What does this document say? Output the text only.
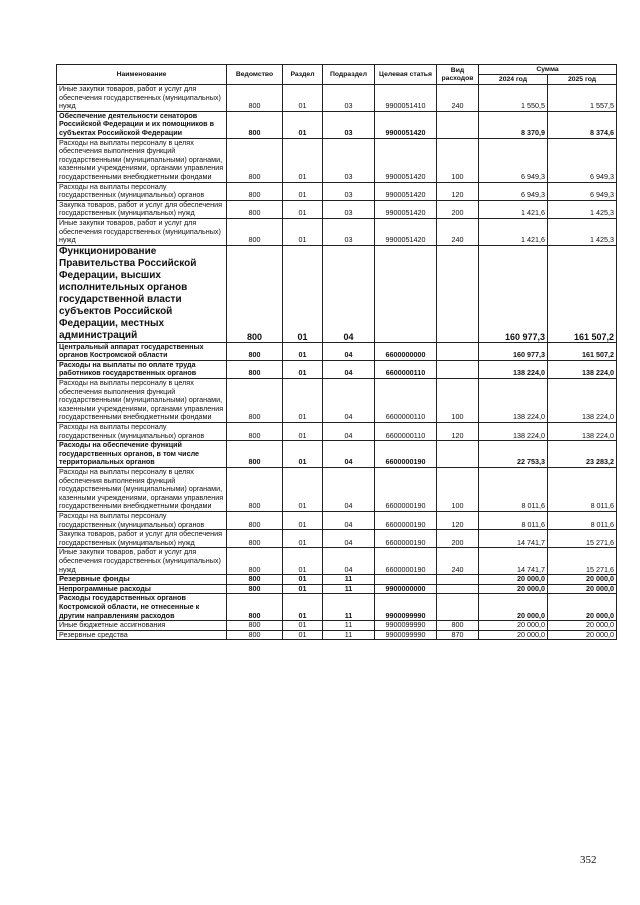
Наименование	Ведомство	Раздел	Подраздел	Целевая статья	Вид расходов	Сумма	
						2024 год	2025 год
Иные закупки товаров, работ и услуг для обеспечения государственных (муниципальных) нужд	800	01	03	9900051410	240	1 550,5	1 557,5
Обеспечение деятельности сенаторов Российской Федерации и их помощников в субъектах Российской Федерации	800	01	03	9900051420		8 370,9	8 374,6
Расходы на выплаты персоналу в целях обеспечения выполнения функций государственными (муниципальными) органами, казенными учреждениями, органами управления государственными внебюджетными фондами	800	01	03	9900051420	100	6 949,3	6 949,3
Расходы на выплаты персоналу государственных (муниципальных) органов	800	01	03	9900051420	120	6 949,3	6 949,3
Закупка товаров, работ и услуг для обеспечения государственных (муниципальных) нужд	800	01	03	9900051420	200	1 421,6	1 425,3
Иные закупки товаров, работ и услуг для обеспечения государственных (муниципальных) нужд	800	01	03	9900051420	240	1 421,6	1 425,3
Функционирование Правительства Российской Федерации, высших исполнительных органов государственной власти субъектов Российской Федерации, местных администраций	800	01	04			160 977,3	161 507,2
Центральный аппарат государственных органов Костромской области	800	01	04	6600000000		160 977,3	161 507,2
Расходы на выплаты по оплате труда работников государственных органов	800	01	04	6600000110		138 224,0	138 224,0
Расходы на выплаты персоналу в целях обеспечения выполнения функций государственными (муниципальными) органами, казенными учреждениями, органами управления государственными внебюджетными фондами	800	01	04	6600000110	100	138 224,0	138 224,0
Расходы на выплаты персоналу государственных (муниципальных) органов	800	01	04	6600000110	120	138 224,0	138 224,0
Расходы на обеспечение функций государственных органов, в том числе территориальных органов	800	01	04	6600000190		22 753,3	23 283,2
Расходы на выплаты персоналу в целях обеспечения выполнения функций государственными (муниципальными) органами, казенными учреждениями, органами управления государственными внебюджетными фондами	800	01	04	6600000190	100	8 011,6	8 011,6
Расходы на выплаты персоналу государственных (муниципальных) органов	800	01	04	6600000190	120	8 011,6	8 011,6
Закупка товаров, работ и услуг для обеспечения государственных (муниципальных) нужд	800	01	04	6600000190	200	14 741,7	15 271,6
Иные закупки товаров, работ и услуг для обеспечения государственных (муниципальных) нужд	800	01	04	6600000190	240	14 741,7	15 271,6
Резервные фонды	800	01	11			20 000,0	20 000,0
Непрограммные расходы	800	01	11	9900000000		20 000,0	20 000,0
Расходы государственных органов Костромской области, не отнесенные к другим направлениям расходов	800	01	11	9900099990		20 000,0	20 000,0
Иные бюджетные ассигнования	800	01	11	9900099990	800	20 000,0	20 000,0
Резервные средства	800	01	11	9900099990	870	20 000,0	20 000,0
352
